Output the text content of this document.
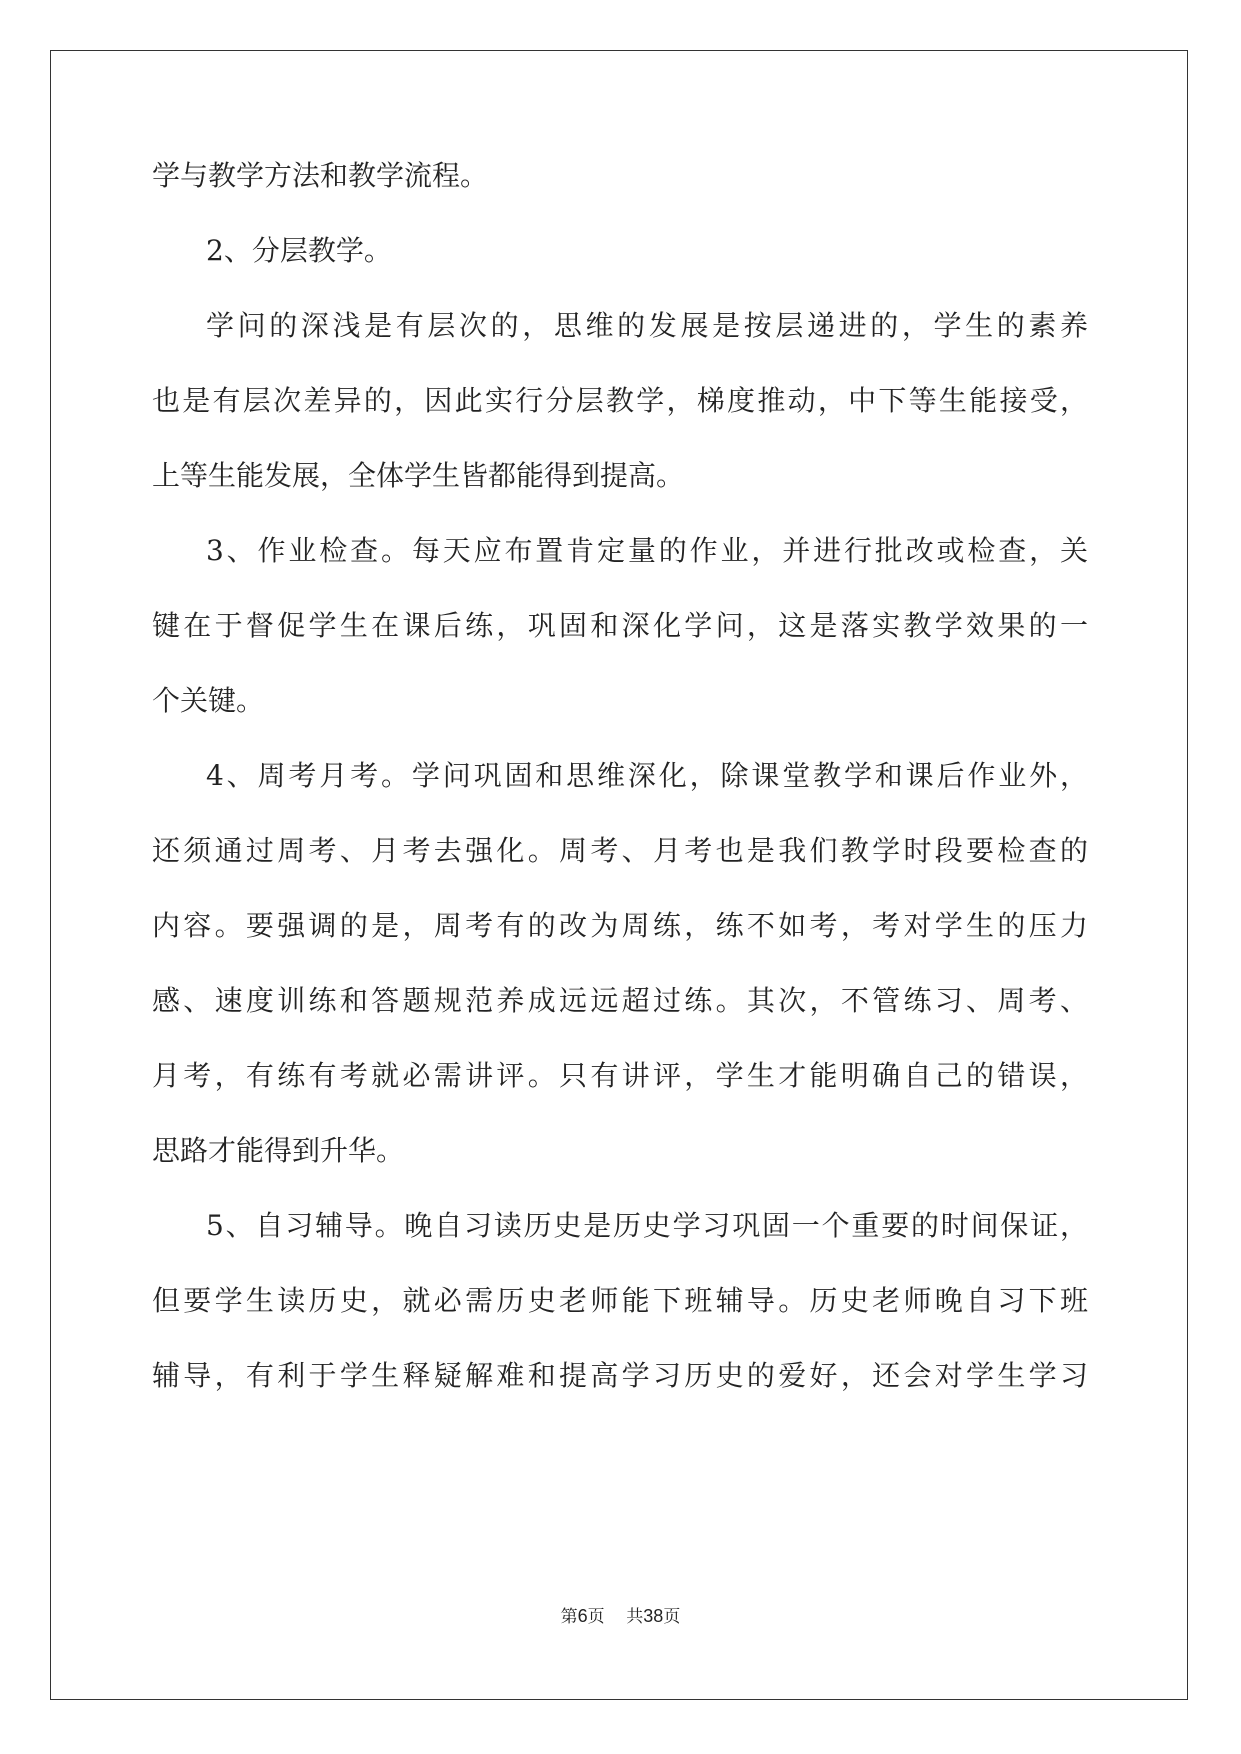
学与教学方法和教学流程。
2、分层教学。
学问的深浅是有层次的，思维的发展是按层递进的，学生的素养
也是有层次差异的，因此实行分层教学，梯度推动，中下等生能接受，
上等生能发展，全体学生皆都能得到提高。
3、作业检查。每天应布置肯定量的作业，并进行批改或检查，关
键在于督促学生在课后练，巩固和深化学问，这是落实教学效果的一
个关键。
4、周考月考。学问巩固和思维深化，除课堂教学和课后作业外，
还须通过周考、月考去强化。周考、月考也是我们教学时段要检查的
内容。要强调的是，周考有的改为周练，练不如考，考对学生的压力
感、速度训练和答题规范养成远远超过练。其次，不管练习、周考、
月考，有练有考就必需讲评。只有讲评，学生才能明确自己的错误，
思路才能得到升华。
5、自习辅导。晚自习读历史是历史学习巩固一个重要的时间保证，
但要学生读历史，就必需历史老师能下班辅导。历史老师晚自习下班
辅导，有利于学生释疑解难和提高学习历史的爱好，还会对学生学习
第6页 共38页
